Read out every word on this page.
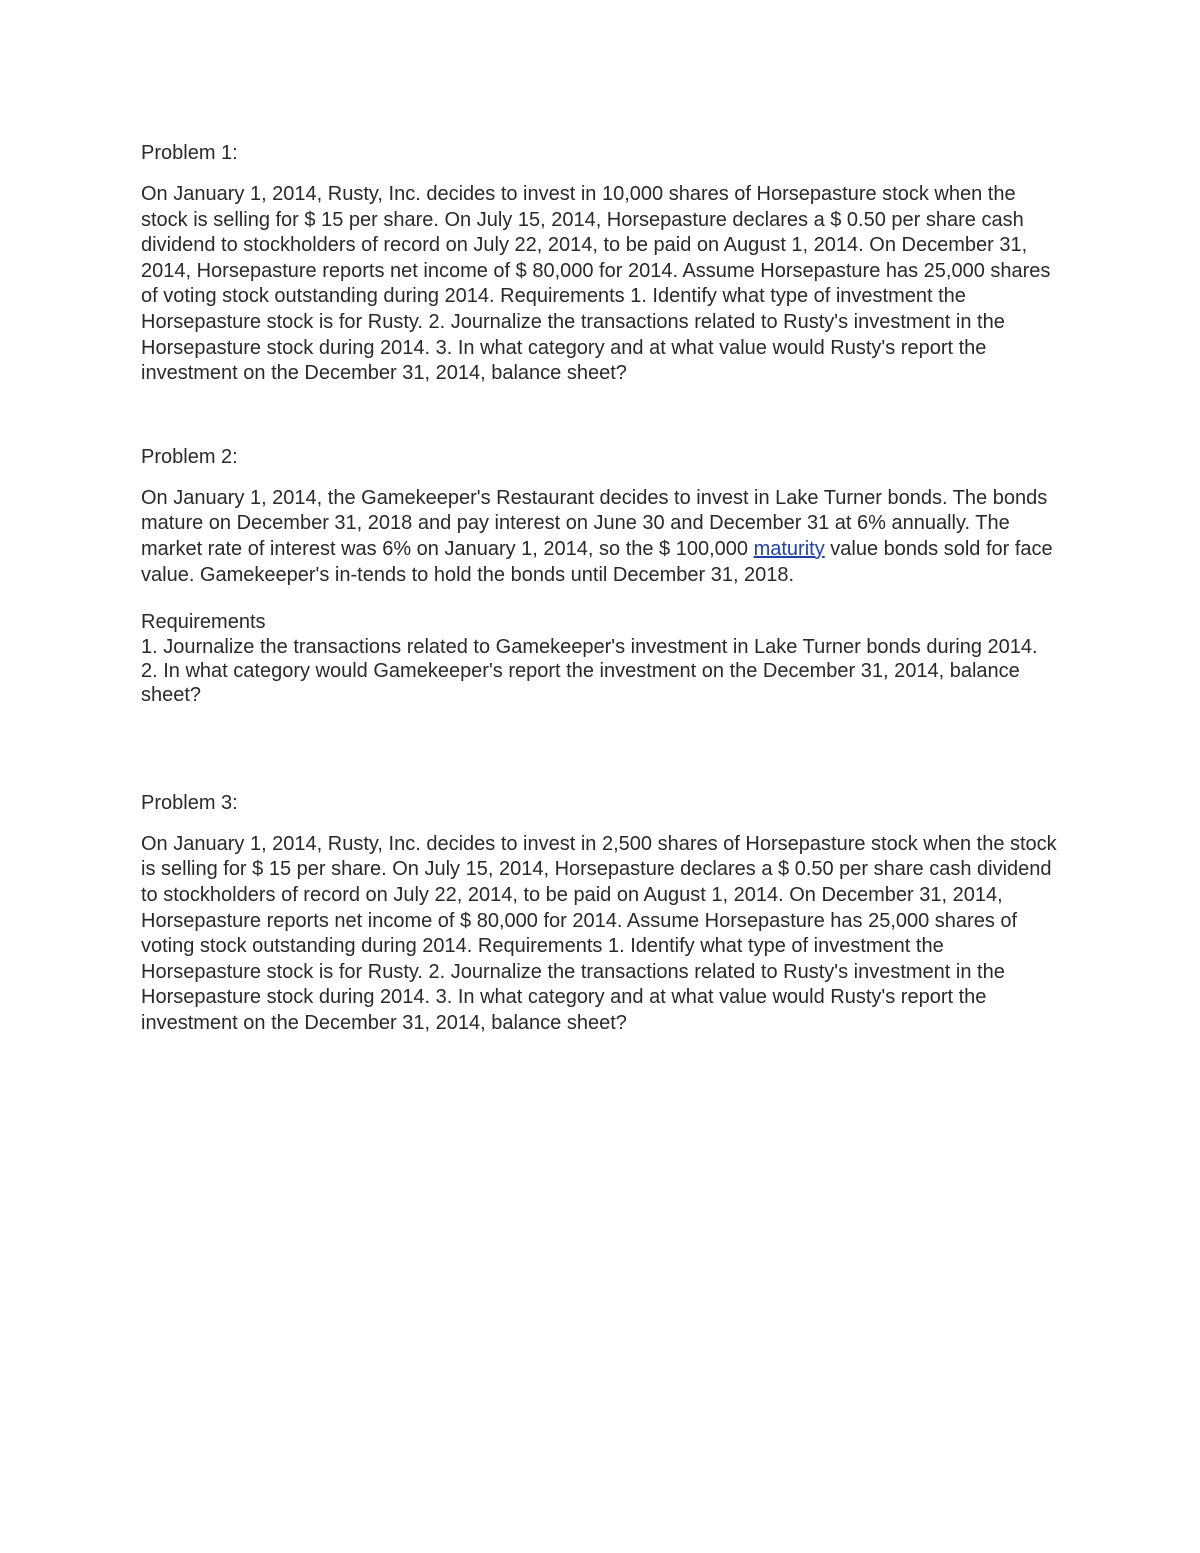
Problem 1:

On January 1, 2014, Rusty, Inc. decides to invest in 10,000 shares of Horsepasture stock when the stock is selling for $ 15 per share. On July 15, 2014, Horsepasture declares a $ 0.50 per share cash dividend to stockholders of record on July 22, 2014, to be paid on August 1, 2014. On December 31, 2014, Horsepasture reports net income of $ 80,000 for 2014. Assume Horsepasture has 25,000 shares of voting stock outstanding during 2014. Requirements 1. Identify what type of investment the Horsepasture stock is for Rusty. 2. Journalize the transactions related to Rusty's investment in the Horsepasture stock during 2014. 3. In what category and at what value would Rusty's report the investment on the December 31, 2014, balance sheet?

Problem 2:

On January 1, 2014, the Gamekeeper's Restaurant decides to invest in Lake Turner bonds. The bonds mature on December 31, 2018 and pay interest on June 30 and December 31 at 6% annually. The market rate of interest was 6% on January 1, 2014, so the $ 100,000 maturity value bonds sold for face value. Gamekeeper's in-tends to hold the bonds until December 31, 2018.

Requirements

1. Journalize the transactions related to Gamekeeper's investment in Lake Turner bonds during 2014.

2. In what category would Gamekeeper's report the investment on the December 31, 2014, balance sheet?

Problem 3:

On January 1, 2014, Rusty, Inc. decides to invest in 2,500 shares of Horsepasture stock when the stock is selling for $ 15 per share. On July 15, 2014, Horsepasture declares a $ 0.50 per share cash dividend to stockholders of record on July 22, 2014, to be paid on August 1, 2014. On December 31, 2014, Horsepasture reports net income of $ 80,000 for 2014. Assume Horsepasture has 25,000 shares of voting stock outstanding during 2014. Requirements 1. Identify what type of investment the Horsepasture stock is for Rusty. 2. Journalize the transactions related to Rusty's investment in the Horsepasture stock during 2014. 3. In what category and at what value would Rusty's report the investment on the December 31, 2014, balance sheet?
